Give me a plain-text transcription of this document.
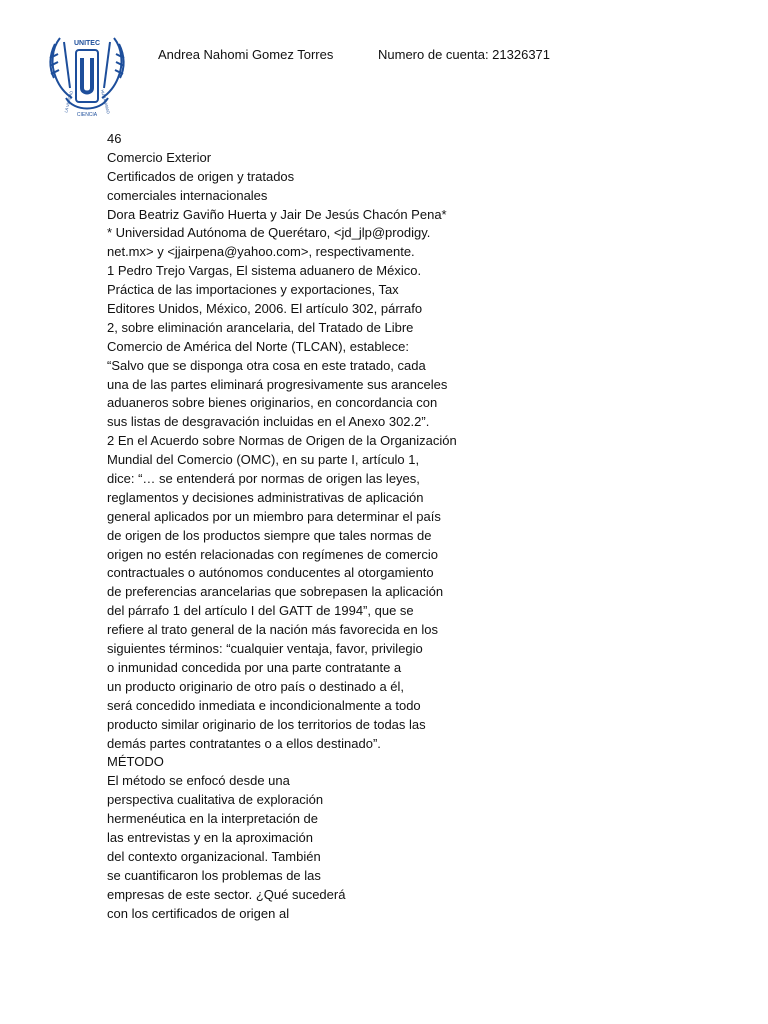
UNITEC
LA VERDAD	HUMANISMO
CIENCIA
Andrea Nahomi Gomez Torres	Numero de cuenta: 21326371
46
Comercio Exterior
Certificados de origen y tratados
comerciales internacionales
Dora Beatriz Gaviño Huerta y Jair De Jesús Chacón Pena*
* Universidad Autónoma de Querétaro, <jd_jlp@prodigy.
net.mx> y <jjairpena@yahoo.com>, respectivamente.
1 Pedro Trejo Vargas, El sistema aduanero de México.
Práctica de las importaciones y exportaciones, Tax
Editores Unidos, México, 2006. El artículo 302, párrafo
2, sobre eliminación arancelaria, del Tratado de Libre
Comercio de América del Norte (TLCAN), establece:
“Salvo que se disponga otra cosa en este tratado, cada
una de las partes eliminará progresivamente sus aranceles
aduaneros sobre bienes originarios, en concordancia con
sus listas de desgravación incluidas en el Anexo 302.2”.
2 En el Acuerdo sobre Normas de Origen de la Organización
Mundial del Comercio (OMC), en su parte I, artículo 1,
dice: “… se entenderá por normas de origen las leyes,
reglamentos y decisiones administrativas de aplicación
general aplicados por un miembro para determinar el país
de origen de los productos siempre que tales normas de
origen no estén relacionadas con regímenes de comercio
contractuales o autónomos conducentes al otorgamiento
de preferencias arancelarias que sobrepasen la aplicación
del párrafo 1 del artículo I del GATT de 1994”, que se
refiere al trato general de la nación más favorecida en los
siguientes términos: “cualquier ventaja, favor, privilegio
o inmunidad concedida por una parte contratante a
un producto originario de otro país o destinado a él,
será concedido inmediata e incondicionalmente a todo
producto similar originario de los territorios de todas las
demás partes contratantes o a ellos destinado”.
MÉTODO
El método se enfocó desde una
perspectiva cualitativa de exploración
hermenéutica en la interpretación de
las entrevistas y en la aproximación
del contexto organizacional. También
se cuantificaron los problemas de las
empresas de este sector. ¿Qué sucederá
con los certificados de origen al
